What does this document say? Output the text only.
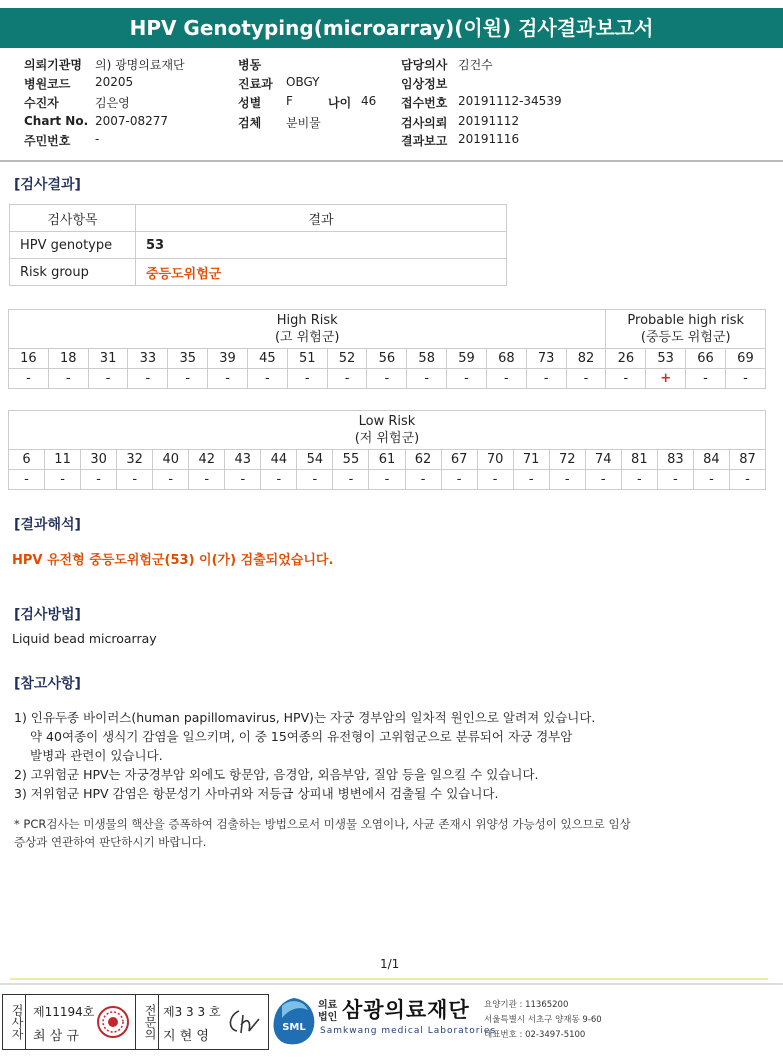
HPV Genotyping(microarray)(이원) 검사결과보고서
의뢰기관명 의) 광명의료재단
병원코드 20205
수진자	김은영
Chart No. 2007-08277
주민번호 -
병동
진료과 OBGY
성별 F	나이 46
검체 분비물
담당의사 김건수
임상정보
접수번호 20191112-34539
검사의뢰 20191112
결과보고 20191116
[검사결과]
검사항목	결과
HPV genotype	53
Risk group	중등도위험군
High Risk
(고 위험군)															Probable high risk
(중등도 위험군)			
16	18	31	33	35	39	45	51	52	56	58	59	68	73	82	26	53	66	69
-	-	-	-	-	-	-	-	-	-	-	-	-	-	-	-	+	-	-
Low Risk
(저 위험군)																				
6	11	30	32	40	42	43	44	54	55	61	62	67	70	71	72	74	81	83	84	87
-	-	-	-	-	-	-	-	-	-	-	-	-	-	-	-	-	-	-	-	-
[결과해석]
HPV 유전형 중등도위험군(53) 이(가) 검출되었습니다.
[검사방법]
Liquid bead microarray
[참고사항]
1) 인유두종 바이러스(human papillomavirus, HPV)는 자궁 경부암의 일차적 원인으로 알려져 있습니다.
약 40여종이 생식기 감염을 일으키며, 이 중 15여종의 유전형이 고위험군으로 분류되어 자궁 경부암
발병과 관련이 있습니다.
2) 고위험군 HPV는 자궁경부암 외에도 항문암, 음경암, 외음부암, 질암 등을 일으킬 수 있습니다.
3) 저위험군 HPV 감염은 항문성기 사마귀와 저등급 상피내 병변에서 검출될 수 있습니다.
* PCR검사는 미생물의 핵산을 증폭하여 검출하는 방법으로서 미생물 오염이나, 사균 존재시 위양성 가능성이 있으므로 임상
증상과 연관하여 판단하시기 바랍니다.
1/1
검사자 제11194호
최 삼 규	전문의 제3 3 3 호
지 현 영
SML
의료법인 삼광의료재단
Samkwang medical Laboratories
요양기관 : 11365200
서울특별시 서초구 양재동 9-60
대표번호 : 02-3497-5100
